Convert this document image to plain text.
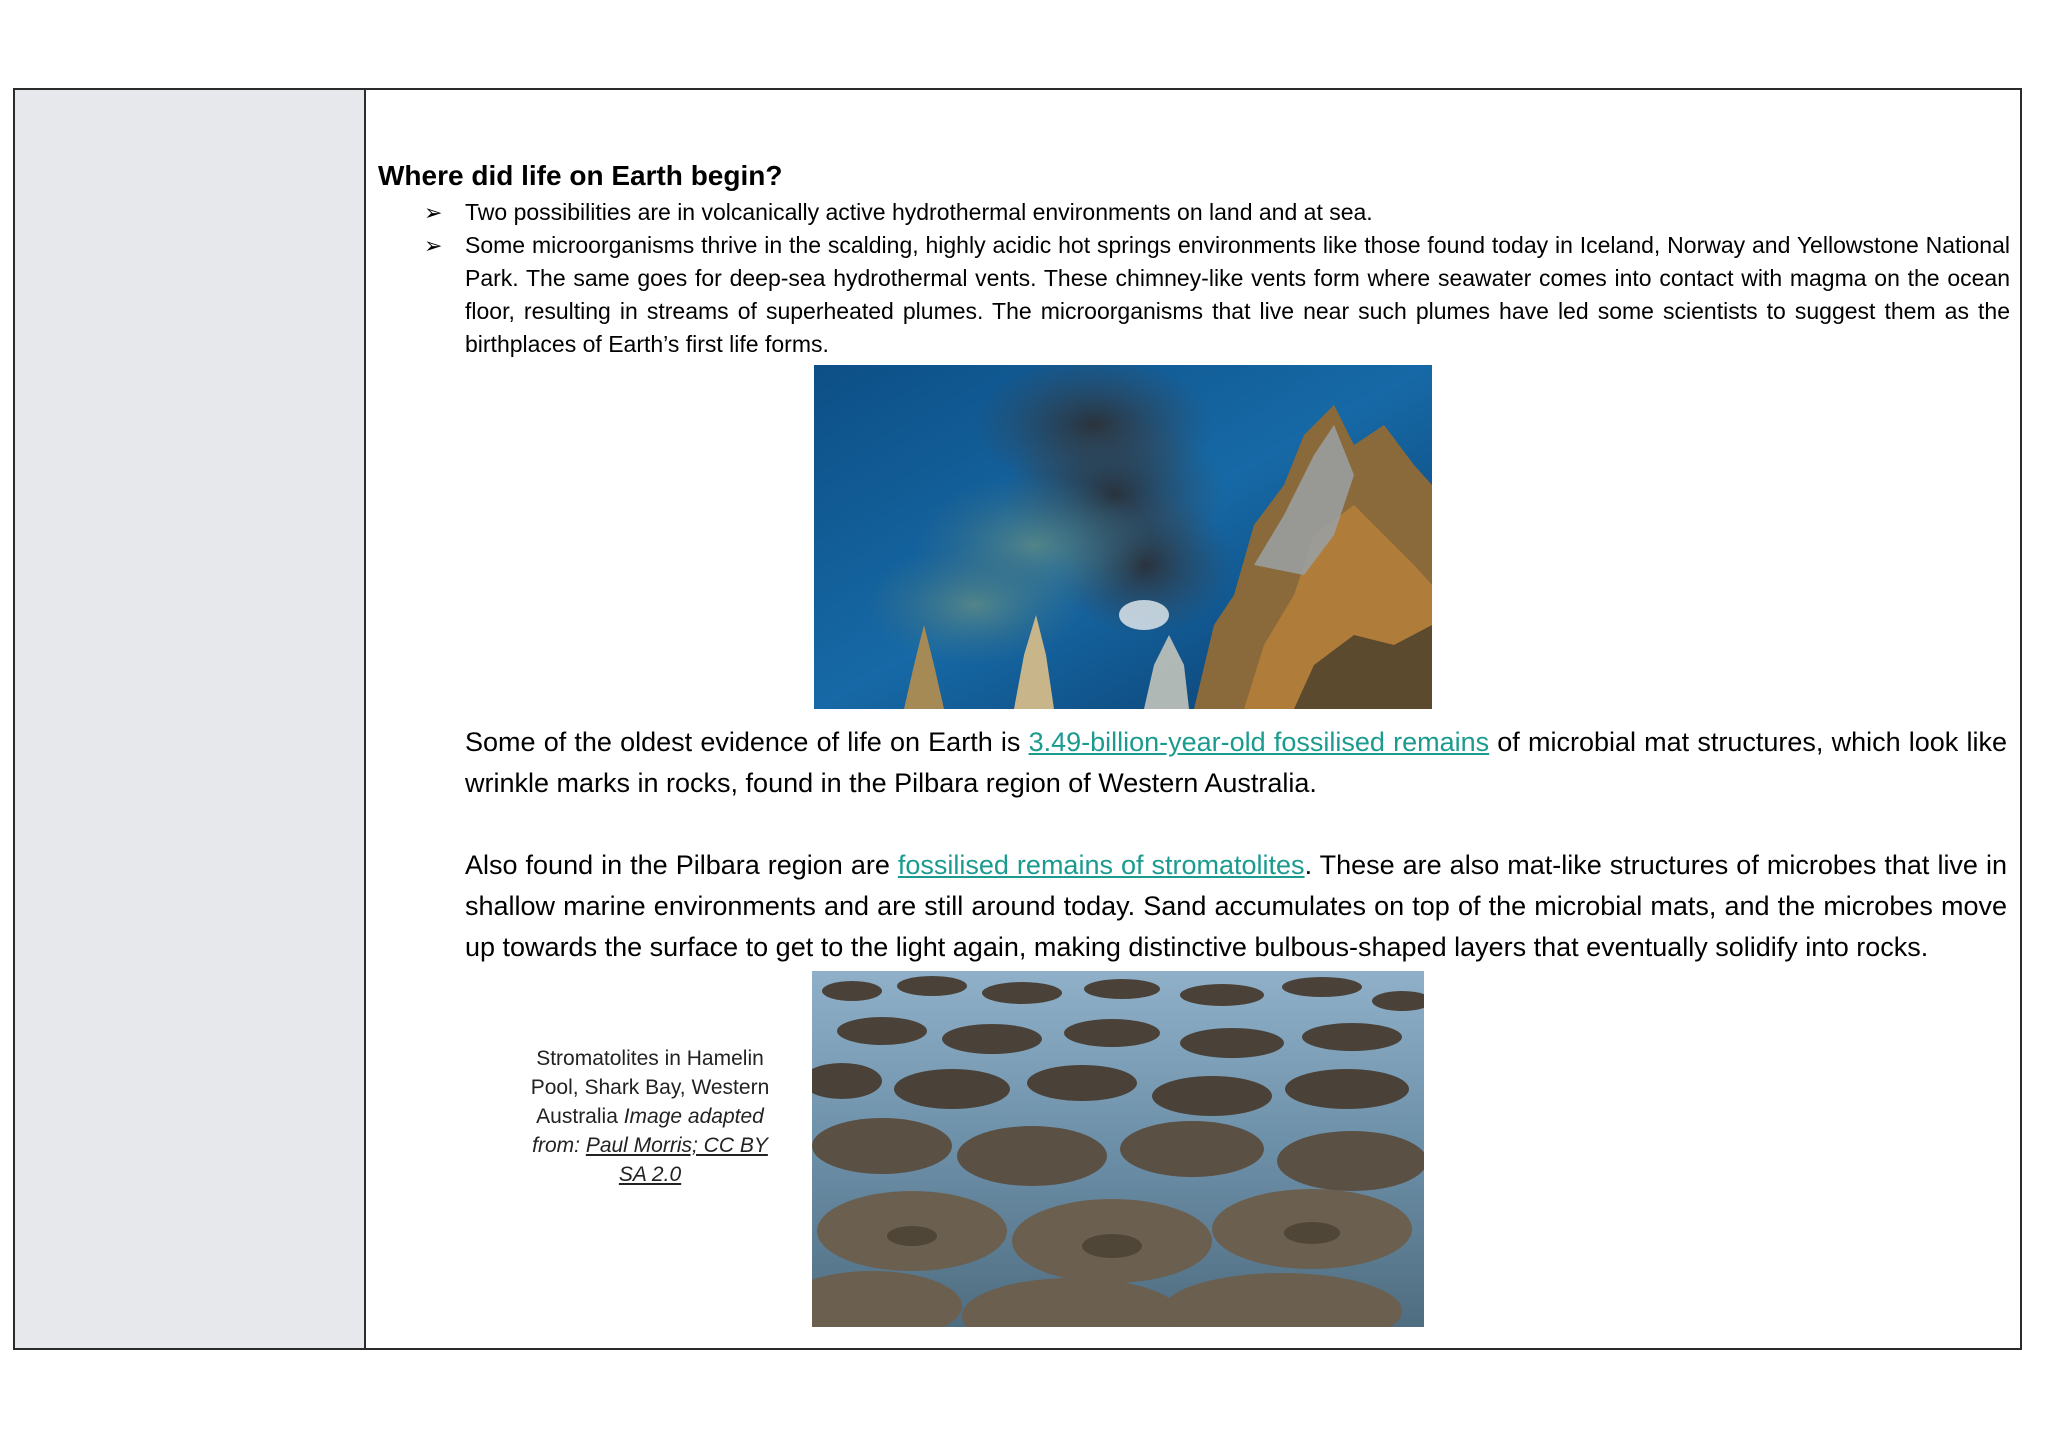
Where did life on Earth begin?
➢ Two possibilities are in volcanically active hydrothermal environments on land and at sea.
➢ Some microorganisms thrive in the scalding, highly acidic hot springs environments like those found today in Iceland, Norway and Yellowstone National Park. The same goes for deep-sea hydrothermal vents. These chimney-like vents form where seawater comes into contact with magma on the ocean floor, resulting in streams of superheated plumes. The microorganisms that live near such plumes have led some scientists to suggest them as the birthplaces of Earth’s first life forms.

Some of the oldest evidence of life on Earth is 3.49-billion-year-old fossilised remains of microbial mat structures, which look like wrinkle marks in rocks, found in the Pilbara region of Western Australia.

Also found in the Pilbara region are fossilised remains of stromatolites. These are also mat-like structures of microbes that live in shallow marine environments and are still around today. Sand accumulates on top of the microbial mats, and the microbes move up towards the surface to get to the light again, making distinctive bulbous-shaped layers that eventually solidify into rocks.

Stromatolites in Hamelin Pool, Shark Bay, Western Australia Image adapted from: Paul Morris; CC BY SA 2.0
